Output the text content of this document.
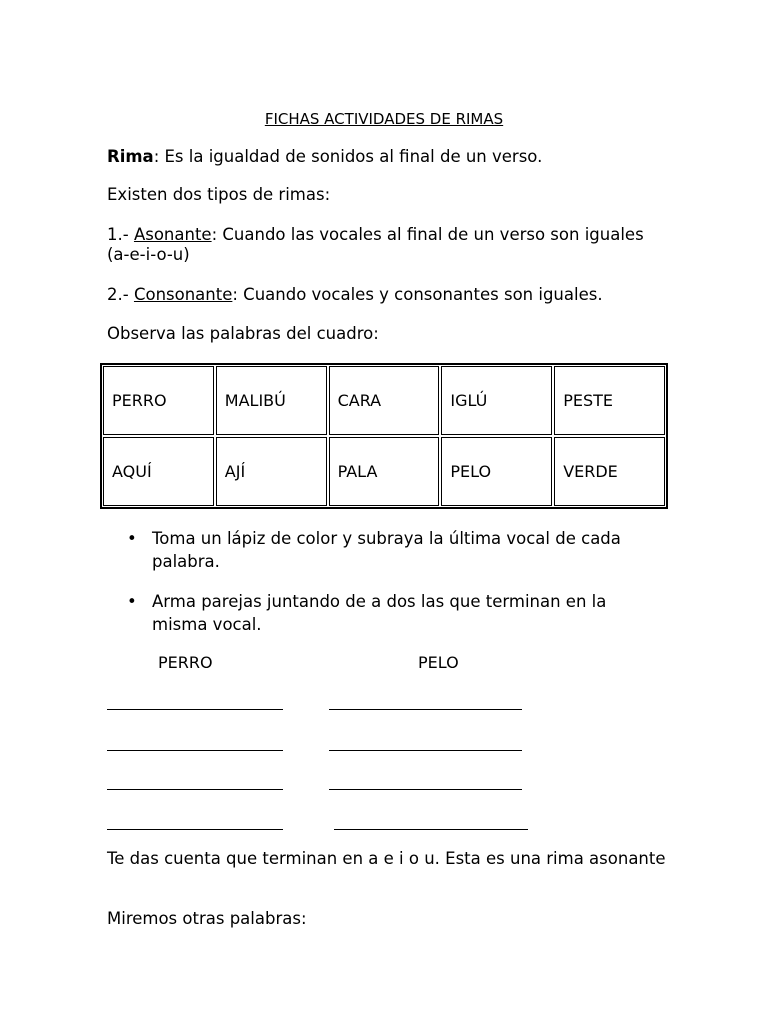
FICHAS ACTIVIDADES DE RIMAS
Rima: Es la igualdad de sonidos al final de un verso.
Existen dos tipos de rimas:
1.- Asonante: Cuando las vocales al final de un verso son iguales (a-e-i-o-u)
2.- Consonante: Cuando vocales y consonantes son iguales.
Observa las palabras del cuadro:
PERRO	MALIBÚ	CARA	IGLÚ	PESTE
AQUÍ	AJÍ	PALA	PELO	VERDE
• Toma un lápiz de color y subraya la última vocal de cada palabra.
• Arma parejas juntando de a dos las que terminan en la misma vocal.
PERRO	PELO
Te das cuenta que terminan en a e i o u. Esta es una rima asonante
Miremos otras palabras:
